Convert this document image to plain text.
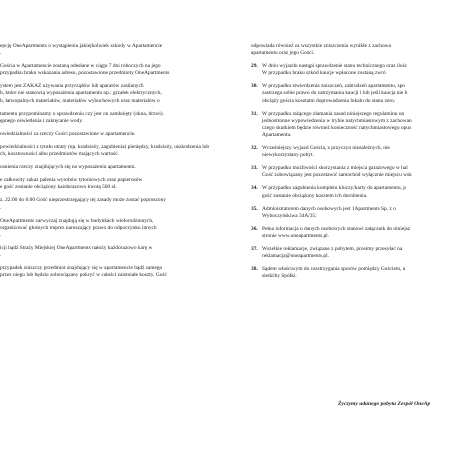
epcję OneApartments o wystąpieniu jakiejkolwiek szkody w Apartamencie
.
Gościa w Apartamencie zostaną odesłane w ciągu 7 dni roboczych na jego
przypadku braku wskazania adresu, pozostawione przedmioty OneApartments
ystem jest ZAKAZ używania przyrządów lub aparatów zasilanych
h, które nie stanowią wyposażenia apartamentu np.: grzałek elektrycznych,
h, łatwopalnych materiałów, materiałów wybuchowych oraz materiałów o
tamentu przypominamy o sprawdzeniu czy jest on zamknięty (okna, drzwi).
ępnego oświetlenia i zakręcanie wody.
owiedzialności za rzeczy Gości pozostawione w apartamencie.
powiedzialności z tytułu utraty (np. kradzieży, zagubienia) pieniędzy, kradzieży, uszkodzenia lub
ch, kosztowności albo przedmiotów mających wartość.
osnienia rzeczy znajdujących się na wyposażeniu apartamentu.
e całkowity zakaz palenia wyrobów tytoniowych oraz papierosów
e gość zostanie obciążony każdorazowo kwotą 500 zł.
z. 22:00 do 6:00 Gość nieprzestrzegający tej zasady może zostać poproszony
.
OneApartments zarwyczaj znajdują się w budynkach wielorodzinnych,
organizować głośnych imprez naruszający prawo do odpoczynku innych
.
icji bądź Straży Miejskiej OneApartments nałoży każdorazowo karę w
.
przypadek zniszczy przedmiot znajdujący się w apartamencie bądź samego
przez niego lub będzie zobowiązany pokryć w całości zaistniałe koszty. Gość
odpowiada również za wszystkie zniszczenia wynikłe z zachowa
apartamentu oraz jego Gości.
29. W dniu wyjazdu nastąpi sprawdzenie stanu technicznego oraz ilośc
W przypadku braku szkód kaucje wpłacone zostaną zwró
30. W przypadku stwierdzenia zniszczeń, zabrudzeń apartamentu, spo
zastrzega sobie prawo do zatrzymania kaucji i lub jeśli kaucja nie b
obciąży gościa kosztami doprowadzenia lokalu do stanu zero.
31. W przypadku rażącego złamania zasad niniejszego regulaminu un
jednostronne wypowiedzenia w trybie natychmiastowym z zachowan
czego skutkiem będzie również konieczność natychmiastowego opus
Apartamentu.
32. Wcześniejszy wyjazd Gościa, z przyczyn niezależnych, nie
niewykorzystany pobyt.
33. W przypadku możliwości skorzystania z miejsca garażowego w hal
Gość zobowiązany jest pozostawić samochód wyłącznie miejscu wsk
34. W przypadku zagubienia kompletu kluczy/karty do apartamentu, p
gość zostanie obciążony kosztem ich dorobienia.
35. Administratorem danych osobowych jest 1Apartments Sp. z o
Wyboczyńskiwa 34A/35;
36. Pełna informacja o danych osobowych stanowi załącznik do niniejsz
stronie www.oneapartments.pl.
37. Wszelkie reklamacje, związane z pobytem, prosimy przesyłać na
reklamacja@oneapartments.pl.
38. Sądem właściwym do rozstrzygania sporów pomiędzy Gościem, a
siedziby Spółki.
Życzymy udanego pobytu Zespół OneAp
